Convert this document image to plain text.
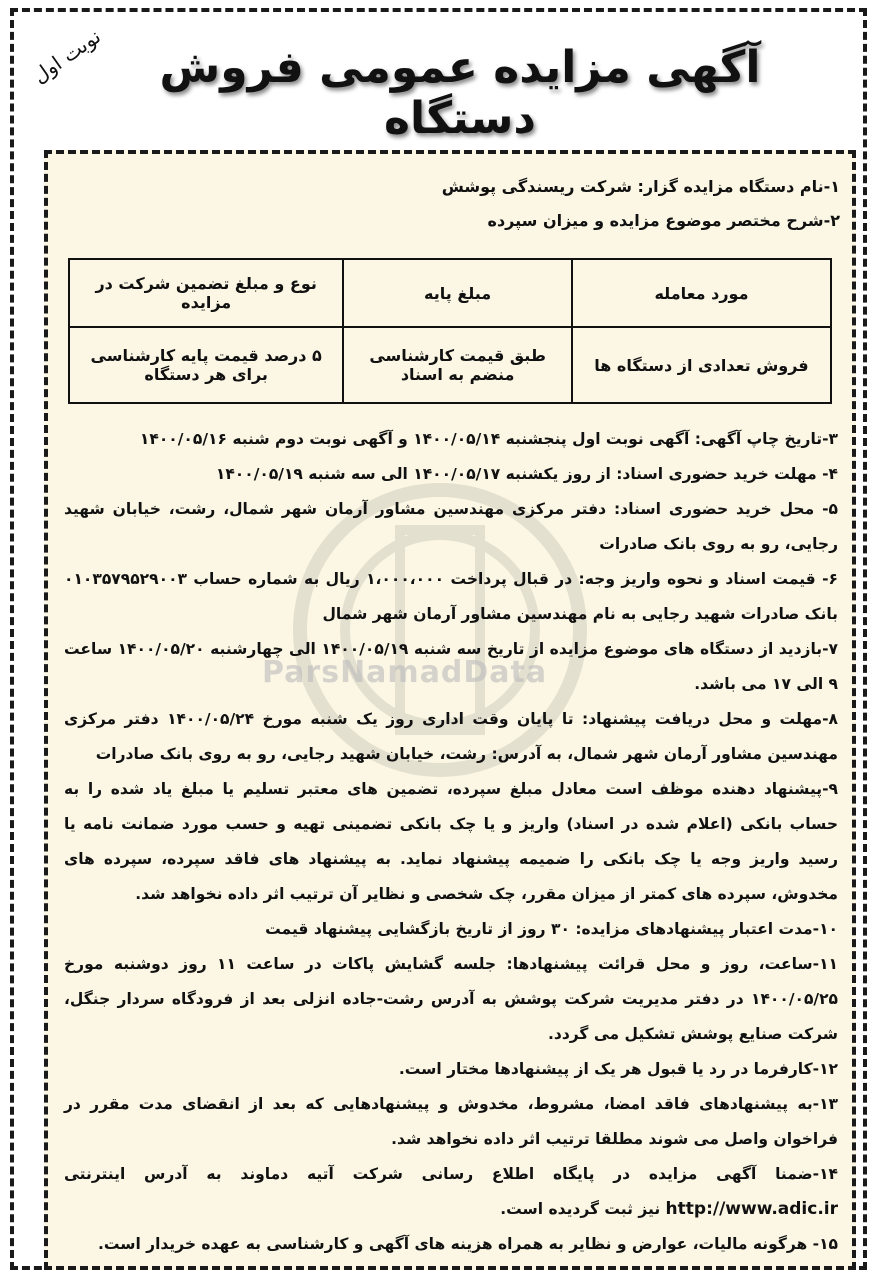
نوبت اول آگهی مزایده عمومی فروش دستگاه

۱-نام دستگاه مزایده گزار: شرکت ریسندگی پوشش

۲-شرح مختصر موضوع مزایده و میزان سپرده

مورد معامله	مبلغ پایه	نوع و مبلغ تضمین شرکت در مزایده
فروش تعدادی از دستگاه ها	طبق قیمت کارشناسی منضم به اسناد	۵ درصد قیمت پایه کارشناسی برای هر دستگاه
ParsNamadData

۳-تاریخ چاپ آگهی: آگهی نوبت اول پنجشنبه ۱۴۰۰/۰۵/۱۴ و آگهی نوبت دوم شنبه ۱۴۰۰/۰۵/۱۶

۴- مهلت خرید حضوری اسناد: از روز یکشنبه ۱۴۰۰/۰۵/۱۷ الی سه شنبه ۱۴۰۰/۰۵/۱۹

۵- محل خرید حضوری اسناد: دفتر مرکزی مهندسین مشاور آرمان شهر شمال، رشت، خیابان شهید رجایی، رو به روی بانک صادرات

۶- قیمت اسناد و نحوه واریز وجه: در قبال پرداخت ۱،۰۰۰،۰۰۰ ریال به شماره حساب ۰۱۰۳۵۷۹۵۲۹۰۰۳ بانک صادرات شهید رجایی به نام مهندسین مشاور آرمان شهر شمال

۷-بازدید از دستگاه های موضوع مزایده از تاریخ سه شنبه ۱۴۰۰/۰۵/۱۹ الی چهارشنبه ۱۴۰۰/۰۵/۲۰ ساعت ۹ الی ۱۷ می باشد.

۸-مهلت و محل دریافت پیشنهاد: تا پایان وقت اداری روز یک شنبه مورخ ۱۴۰۰/۰۵/۲۴ دفتر مرکزی مهندسین مشاور آرمان شهر شمال، به آدرس: رشت، خیابان شهید رجایی، رو به روی بانک صادرات

۹-پیشنهاد دهنده موظف است معادل مبلغ سپرده، تضمین های معتبر تسلیم یا مبلغ یاد شده را به حساب بانکی (اعلام شده در اسناد) واریز و یا چک بانکی تضمینی تهیه و حسب مورد ضمانت نامه یا رسید واریز وجه یا چک بانکی را ضمیمه پیشنهاد نماید. به پیشنهاد های فاقد سپرده، سپرده های مخدوش، سپرده های کمتر از میزان مقرر، چک شخصی و نظایر آن ترتیب اثر داده نخواهد شد.

۱۰-مدت اعتبار پیشنهادهای مزایده: ۳۰ روز از تاریخ بازگشایی پیشنهاد قیمت

۱۱-ساعت، روز و محل قرائت پیشنهادها: جلسه گشایش پاکات در ساعت ۱۱ روز دوشنبه مورخ ۱۴۰۰/۰۵/۲۵ در دفتر مدیریت شرکت پوشش به آدرس رشت-جاده انزلی بعد از فرودگاه سردار جنگل، شرکت صنایع پوشش تشکیل می گردد.

۱۲-کارفرما در رد یا قبول هر یک از پیشنهادها مختار است.

۱۳-به پیشنهادهای فاقد امضا، مشروط، مخدوش و پیشنهادهایی که بعد از انقضای مدت مقرر در فراخوان واصل می شوند مطلقا ترتیب اثر داده نخواهد شد.

۱۴-ضمنا آگهی مزایده در پایگاه اطلاع رسانی شرکت آتیه دماوند به آدرس اینترنتی http://www.adic.ir نیز ثبت گردیده است.

۱۵- هرگونه مالیات، عوارض و نظایر به همراه هزینه های آگهی و کارشناسی به عهده خریدار است.
